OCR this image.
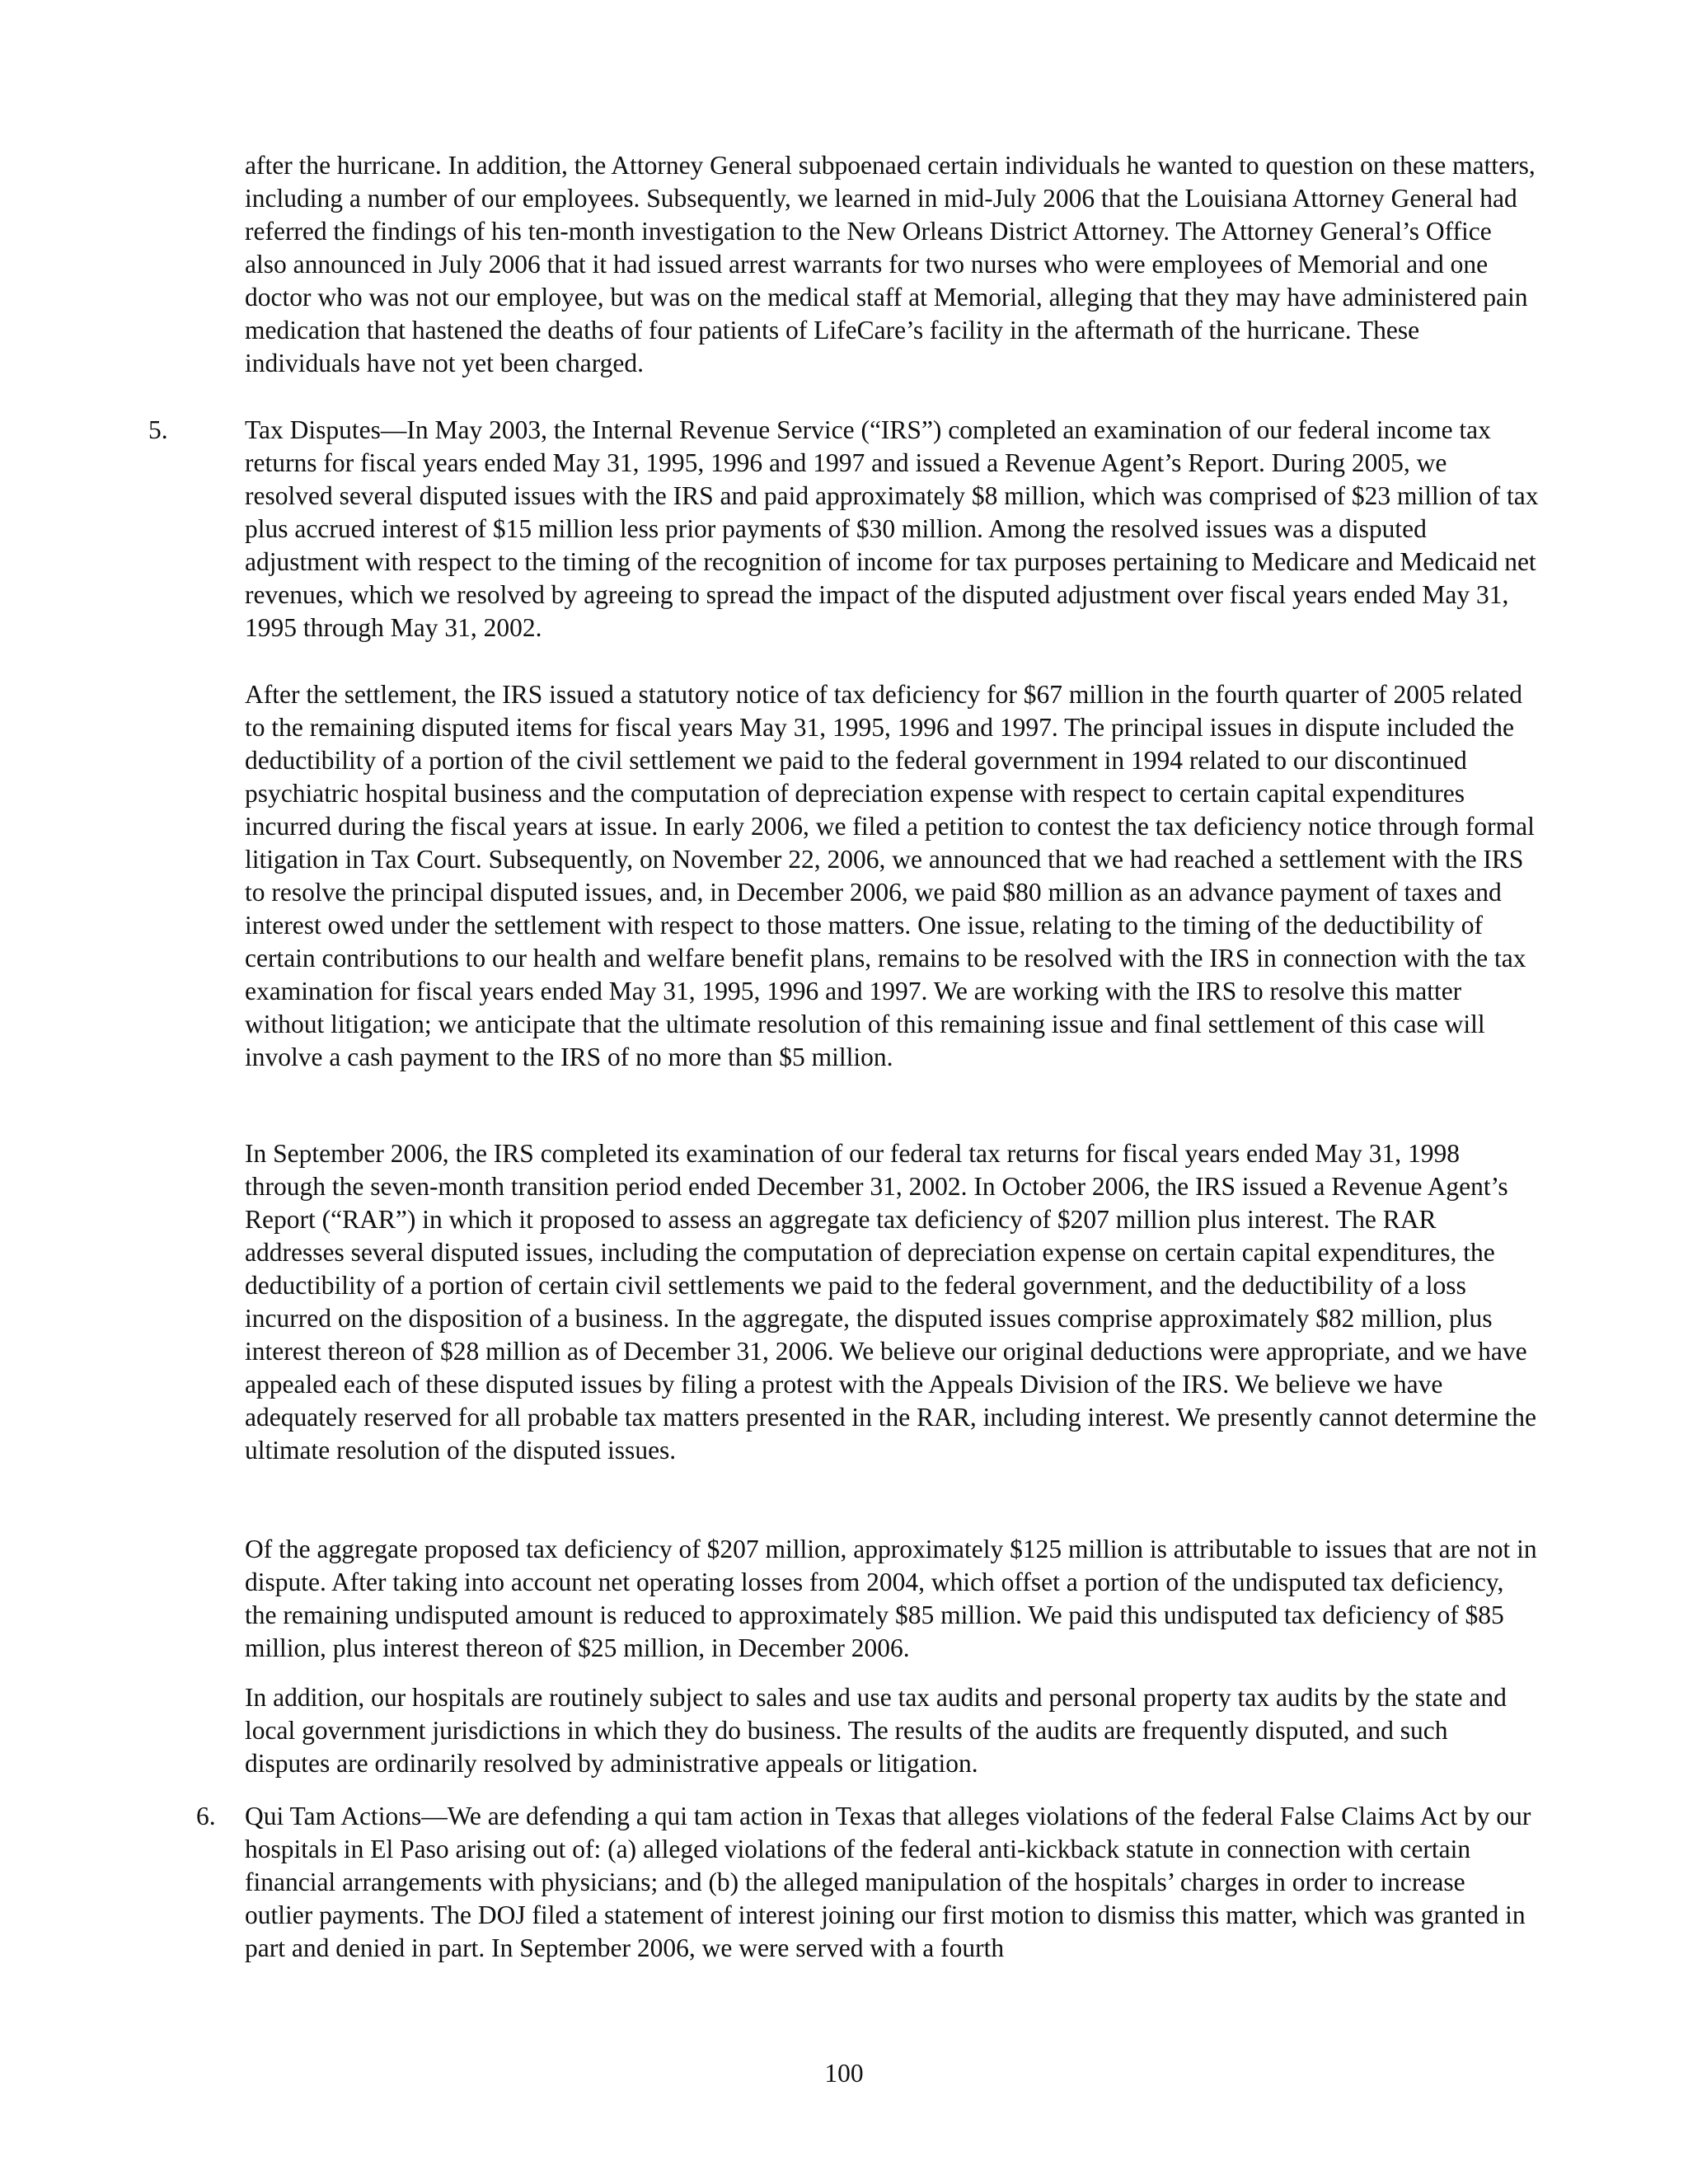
after the hurricane. In addition, the Attorney General subpoenaed certain individuals he wanted to question on these matters, including a number of our employees. Subsequently, we learned in mid-July 2006 that the Louisiana Attorney General had referred the findings of his ten-month investigation to the New Orleans District Attorney. The Attorney General’s Office also announced in July 2006 that it had issued arrest warrants for two nurses who were employees of Memorial and one doctor who was not our employee, but was on the medical staff at Memorial, alleging that they may have administered pain medication that hastened the deaths of four patients of LifeCare’s facility in the aftermath of the hurricane. These individuals have not yet been charged.

5.	Tax Disputes—In May 2003, the Internal Revenue Service (“IRS”) completed an examination of our federal income tax returns for fiscal years ended May 31, 1995, 1996 and 1997 and issued a Revenue Agent’s Report. During 2005, we resolved several disputed issues with the IRS and paid approximately $8 million, which was comprised of $23 million of tax plus accrued interest of $15 million less prior payments of $30 million. Among the resolved issues was a disputed adjustment with respect to the timing of the recognition of income for tax purposes pertaining to Medicare and Medicaid net revenues, which we resolved by agreeing to spread the impact of the disputed adjustment over fiscal years ended May 31, 1995 through May 31, 2002.

After the settlement, the IRS issued a statutory notice of tax deficiency for $67 million in the fourth quarter of 2005 related to the remaining disputed items for fiscal years May 31, 1995, 1996 and 1997. The principal issues in dispute included the deductibility of a portion of the civil settlement we paid to the federal government in 1994 related to our discontinued psychiatric hospital business and the computation of depreciation expense with respect to certain capital expenditures incurred during the fiscal years at issue. In early 2006, we filed a petition to contest the tax deficiency notice through formal litigation in Tax Court. Subsequently, on November 22, 2006, we announced that we had reached a settlement with the IRS to resolve the principal disputed issues, and, in December 2006, we paid $80 million as an advance payment of taxes and interest owed under the settlement with respect to those matters. One issue, relating to the timing of the deductibility of certain contributions to our health and welfare benefit plans, remains to be resolved with the IRS in connection with the tax examination for fiscal years ended May 31, 1995, 1996 and 1997. We are working with the IRS to resolve this matter without litigation; we anticipate that the ultimate resolution of this remaining issue and final settlement of this case will involve a cash payment to the IRS of no more than $5 million.

In September 2006, the IRS completed its examination of our federal tax returns for fiscal years ended May 31, 1998 through the seven-month transition period ended December 31, 2002. In October 2006, the IRS issued a Revenue Agent’s Report (“RAR”) in which it proposed to assess an aggregate tax deficiency of $207 million plus interest. The RAR addresses several disputed issues, including the computation of depreciation expense on certain capital expenditures, the deductibility of a portion of certain civil settlements we paid to the federal government, and the deductibility of a loss incurred on the disposition of a business. In the aggregate, the disputed issues comprise approximately $82 million, plus interest thereon of $28 million as of December 31, 2006. We believe our original deductions were appropriate, and we have appealed each of these disputed issues by filing a protest with the Appeals Division of the IRS. We believe we have adequately reserved for all probable tax matters presented in the RAR, including interest. We presently cannot determine the ultimate resolution of the disputed issues.

Of the aggregate proposed tax deficiency of $207 million, approximately $125 million is attributable to issues that are not in dispute. After taking into account net operating losses from 2004, which offset a portion of the undisputed tax deficiency, the remaining undisputed amount is reduced to approximately $85 million. We paid this undisputed tax deficiency of $85 million, plus interest thereon of $25 million, in December 2006.

In addition, our hospitals are routinely subject to sales and use tax audits and personal property tax audits by the state and local government jurisdictions in which they do business. The results of the audits are frequently disputed, and such disputes are ordinarily resolved by administrative appeals or litigation.

6. Qui Tam Actions—We are defending a qui tam action in Texas that alleges violations of the federal False Claims Act by our hospitals in El Paso arising out of: (a) alleged violations of the federal anti-kickback statute in connection with certain financial arrangements with physicians; and (b) the alleged manipulation of the hospitals’ charges in order to increase outlier payments. The DOJ filed a statement of interest joining our first motion to dismiss this matter, which was granted in part and denied in part. In September 2006, we were served with a fourth

100
